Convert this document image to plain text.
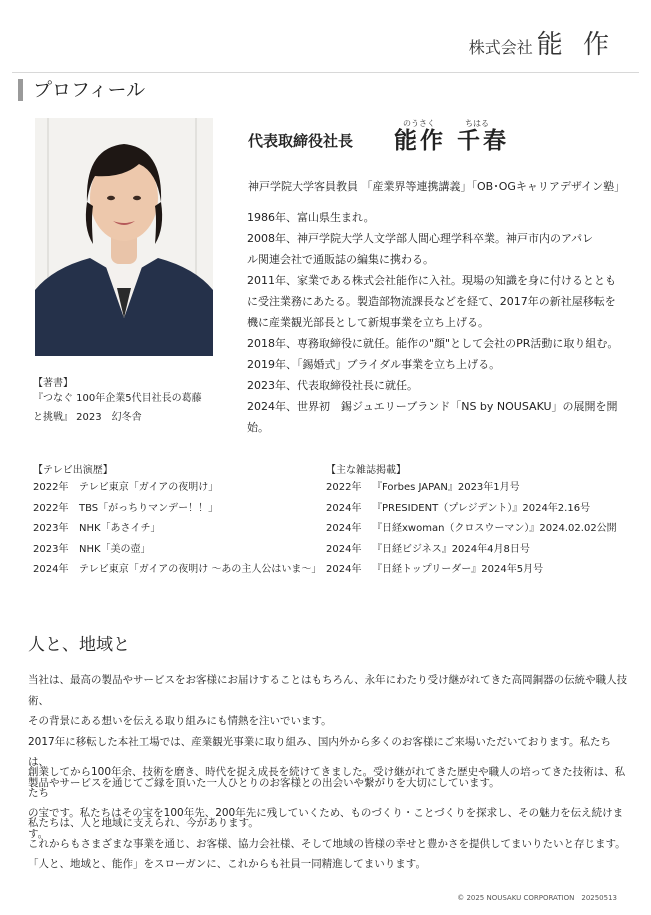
株式会社 能 作
プロフィール
【著書】
『つなぐ 100年企業5代目社長の葛藤
と挑戦』 2023　幻冬舎
代表取締役社長
のうさく	ちはる
能作 千春
神戸学院大学客員教員 「産業界等連携講義」「OB･OGキャリアデザイン塾」

1986年、富山県生まれ。

2008年、神戸学院大学人文学部人間心理学科卒業。神戸市内のアパレ

ル関連会社で通販誌の編集に携わる。

2011年、家業である株式会社能作に入社。現場の知識を身に付けるととも

に受注業務にあたる。製造部物流課長などを経て、2017年の新社屋移転を

機に産業観光部長として新規事業を立ち上げる。

2018年、専務取締役に就任。能作の"顔"として会社のPR活動に取り組む。

2019年、「錫婚式」ブライダル事業を立ち上げる。

2023年、代表取締役社長に就任。

2024年、世界初　錫ジュエリーブランド「NS by NOUSAKU」の展開を開始。

【テレビ出演歴】
2022年 テレビ東京「ガイアの夜明け」
2022年 TBS「がっちりマンデー！！」
2023年 NHK「あさイチ」
2023年 NHK「美の壺」
2024年 テレビ東京「ガイアの夜明け ～あの主人公はいま～」
【主な雑誌掲載】
2022年 『Forbes JAPAN』2023年1月号
2024年 『PRESIDENT（プレジデント）』2024年2.16号
2024年 『日経xwoman（クロスウーマン）』2024.02.02公開
2024年 『日経ビジネス』2024年4月8日号
2024年 『日経トップリーダー』2024年5月号
人と、地域と

当社は、最高の製品やサービスをお客様にお届けすることはもちろん、永年にわたり受け継がれてきた高岡銅器の伝統や職人技術、

その背景にある想いを伝える取り組みにも情熱を注いでいます。

2017年に移転した本社工場では、産業観光事業に取り組み、国内外から多くのお客様にご来場いただいております。私たちは、

製品やサービスを通じてご縁を頂いた一人ひとりのお客様との出会いや繋がりを大切にしています。

創業してから100年余、技術を磨き、時代を捉え成長を続けてきました。受け継がれてきた歴史や職人の培ってきた技術は、私たち

の宝です。私たちはその宝を100年先、200年先に残していくため、ものづくり・ことづくりを探求し、その魅力を伝え続けます。

私たちは、人と地域に支えられ、今があります。

これからもさまざまな事業を通じ、お客様、協力会社様、そして地域の皆様の幸せと豊かさを提供してまいりたいと存じます。

「人と、地域と、能作」をスローガンに、これからも社員一同精進してまいります。

© 2025 NOUSAKU CORPORATION　20250513
